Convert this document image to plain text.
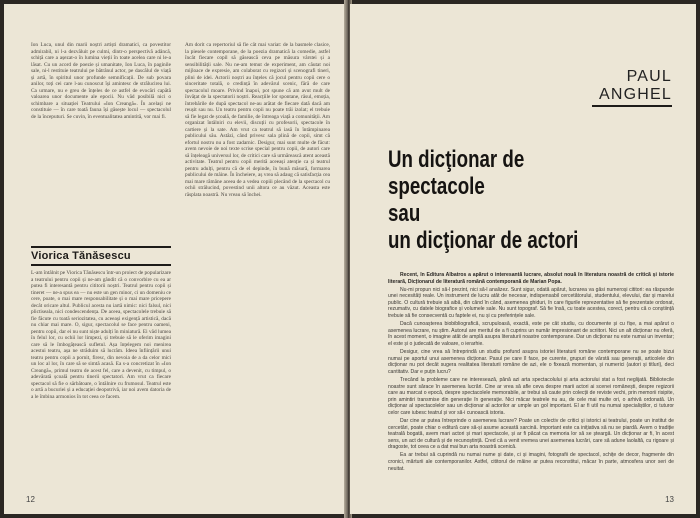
Ion Luca, unul din marii noștri artiști dramatici, ca povestitor admirabil, ni l-a dezvăluit pe culmi, dintr-o perspectivă adâncă, schiță care a așezat-o în lumina vieții în toate acelea care ni le-a lăsat. Cu un acord de poezie și umanitate, Ion Luca, în paginile sale, ni-l restituie teatrului pe bătrânul actor, pe dascălul de viață și artă, în spiritul unor profunde semnificații. De sub povara anilor, toți cei care l-au cunoscut își amintesc de strălucirea lui. Ca urmare, nu e greu de înțeles de ce astfel de evocări capătă valoarea unor documente ale epocii. Nu văd posibilă nici o schimbare a situației Teatrului «Ion Creangă». În același ne constituie — în care toată fauna își găsește locul — spectacolul de la începuturi. Se cuvin, în eventualitatea amintită, vor mai fi.
Viorica Tănăsescu
L-am întâlnit pe Viorica Tănăsescu într-un proiect de popularizare a teatrului pentru copii și ne-am gândit că o convorbire cu ea ar putea fi interesantă pentru cititorii noștri. Teatrul pentru copii și tineret — ne-a spus ea — nu este un gen minor, ci un domeniu ce cere, poate, o mai mare responsabilitate și o mai mare pricepere decât oricare altul. Publicul acesta nu iartă nimic: nici falsul, nici plictiseala, nici condescendența. De aceea, spectacolele trebuie să fie făcute cu toată seriozitatea, cu aceeași exigență artistică, dacă nu chiar mai mare. O, sigur, spectacolul se face pentru oameni, pentru copii, dar ei nu sunt niște adulți în miniatură. Ei văd lumea în felul lor, cu ochii lor limpezi, și trebuie să le oferim imagini care să le îmbogățească sufletul. Așa înțelegem noi menirea acestui teatru, așa ne străduim să lucrăm. Ideea înființării unui teatru pentru copii a pornit, firesc, din nevoia de a da celor mici un loc al lor, în care să se simtă acasă. Ea s-a concretizat în «Ion Creangă», primul teatru de acest fel, care a devenit, cu timpul, o adevărată școală pentru tinerii spectatori. Am vrut ca fiecare spectacol să fie o sărbătoare, o întâlnire cu frumosul. Teatrul este o artă a bucuriei și a educației deopotrivă, iar noi avem datoria de a le îmbina armonios în tot ceea ce facem.
Am dorit ca repertoriul să fie cât mai variat: de la basmele clasice, la piesele contemporane, de la poezia dramatică la comedie, astfel încât fiecare copil să găsească ceva pe măsura vârstei și a sensibilității sale. Nu ne-am temut de experiment, am căutat noi mijloace de expresie, am colaborat cu regizori și scenografi tineri, plini de idei. Actorii noștri au înțeles că jocul pentru copii cere o sinceritate totală, o credință în adevărul scenic, fără de care spectacolul moare. Privind înapoi, pot spune că am avut mult de învățat de la spectatorii noștri. Reacțiile lor spontane, râsul, emoția, întrebările de după spectacol ne-au arătat de fiecare dată dacă am reușit sau nu. Un teatru pentru copii nu poate trăi izolat; el trebuie să fie legat de școală, de familie, de întreaga viață a comunității. Am organizat întâlniri cu elevii, discuții cu profesorii, spectacole în cartiere și la sate. Am vrut ca teatrul să iasă în întâmpinarea publicului său. Astăzi, când privesc sala plină de copii, simt că efortul nostru nu a fost zadarnic. Desigur, mai sunt multe de făcut: avem nevoie de noi texte scrise special pentru copii, de autori care să înțeleagă universul lor, de critici care să urmărească atent această activitate. Teatrul pentru copii merită aceeași atenție ca și teatrul pentru adulți, pentru că de el depinde, în bună măsură, formarea publicului de mâine. În încheiere, aș vrea să adaug că satisfacția cea mai mare rămâne aceea de a vedea copiii plecând de la spectacol cu ochii strălucind, povestind unii altora ce au văzut. Aceasta este răsplata noastră. Nu vreau să închei.
12
PAUL
ANGHEL
Un dicţionar de spectacole
sau
un dicţionar de actori

Recent, în Editura Albatros a apărut o interesantă lucrare, absolut nouă în literatura noastră de critică și istorie literară, Dicționarul de literatură română contemporană de Marian Popa.

Nu-mi propun nici să-l prezint, nici să-l analizez. Sunt sigur, odată apărut, lucrarea va găsi numeroși cititori: ea răspunde unei necesități reale. Un instrument de lucru atât de necesar, indispensabil cercetătorului, studentului, elevului, dar și marelui public. O cultură trebuie să aibă, din când în când, asemenea ghiduri, în care figurile reprezentative să fie prezentate ordonat, rezumativ, cu datele biografice și volumele sale. Nu sunt topograf. Să fie însă, cu toate acestea, corect, pentru că o conștiință trebuie să fie consecventă cu faptele ei, nu și cu preferințele sale.

Dacă cunoașterea biobibliografică, scrupuloasă, exactă, este pe cât studiu, cu documente și cu fișe, a mai apărut o asemenea lucrare, nu știm. Autorul are meritul de a fi cuprins un număr impresionant de scriitori. Nici un alt dicționar nu oferă, în acest moment, o imagine atât de amplă asupra literaturii noastre contemporane. Dar un dicționar nu este numai un inventar; el este și o judecată de valoare, o ierarhie.

Desigur, cine vrea să întreprindă un studiu profund asupra istoriei literaturii române contemporane nu se poate bizui numai pe aportul unui asemenea dicționar. Pasul pe care îl face, pe curente, grupuri de vârstă sau generații, articolele din dicționar nu pot decât sugera realitatea literaturii române de azi, ele o fixează momentan, și numerici (autori și titluri), deci cantitativ. Dar e puțin lucru?

Trecând la probleme care ne interesează, până azi arta spectacolului și arta actorului stat a fost neglijată. Bibliotecile noastre sunt sărace în asemenea lucrări. Cine ar vrea să afle ceva despre marii actori ai scenei românești, despre regizorii care au marcat o epocă, despre spectacolele memorabile, ar trebui să caute prin colecții de reviste vechi, prin memorii risipite, prin amintiri transmise din generație în generație. Nici măcar teatrele nu au, de cele mai multe ori, o arhivă ordonată. Un dicționar al spectacolelor sau un dicționar al actorilor ar umple un gol important. El ar fi util nu numai specialiștilor, ci tuturor celor care iubesc teatrul și vor să-i cunoască istoria.

Dar cine ar putea întreprinde o asemenea lucrare? Poate un colectiv de critici și istorici ai teatrului, poate un institut de cercetări, poate chiar o editură care să-și asume această sarcină. Important este ca inițiativa să nu se piardă. Avem o tradiție teatrală bogată, avem mari actori și mari spectacole, și ar fi păcat ca memoria lor să se șteargă. Un dicționar ar fi, în acest sens, un act de cultură și de recunoștință. Cred că a venit vremea unei asemenea lucrări, care să adune laolaltă, cu rigoare și dragoste, tot ceea ce a dat mai bun arta noastră scenică.

Ea ar trebui să cuprindă nu numai nume și date, ci și imagini, fotografii de spectacol, schițe de decor, fragmente din cronici, mărturii ale contemporanilor. Astfel, cititorul de mâine ar putea reconstitui, măcar în parte, atmosfera unor seri de neuitat.

13
